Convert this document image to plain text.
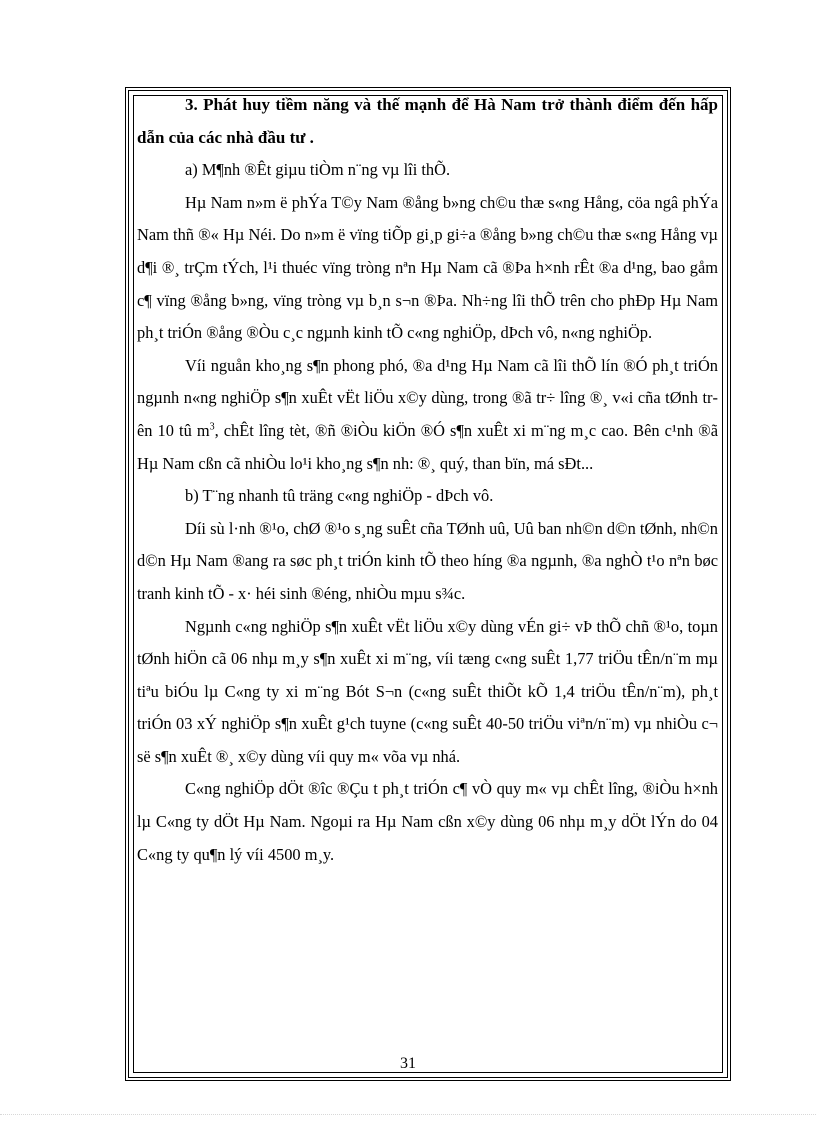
3. Phát huy tiềm năng và thế mạnh để Hà Nam trở thành điểm đến hấp dẫn của các nhà đầu tư .

a) M¶nh ®Êt giµu tiÒm n¨ng vµ lîi thÕ.

Hµ Nam n»m ë phÝa T©y Nam ®ång b»ng ch©u thæ s«ng Hång, cöa ngâ phÝa Nam thñ ®« Hµ Néi. Do n»m ë vïng tiÕp gi¸p gi÷a ®ång b»ng ch©u thæ s«ng Hång vµ d¶i ®¸ trÇm tÝch, l¹i thuéc vïng tròng nªn Hµ Nam cã ®Þa h×nh rÊt ®a d¹ng, bao gåm c¶ vïng ®ång b»ng, vïng tròng vµ b¸n s¬n ®Þa. Nh÷ng lîi thÕ trên cho phÐp Hµ Nam ph¸t triÓn ®ång ®Òu c¸c ngµnh kinh tÕ c«ng nghiÖp, dÞch vô, n«ng nghiÖp.

Víi nguån kho¸ng s¶n phong phó, ®a d¹ng Hµ Nam cã lîi thÕ lín ®Ó ph¸t triÓn ngµnh n«ng nghiÖp s¶n xuÊt vËt liÖu x©y dùng, trong ®ã tr÷ lîng ®¸ v«i cña tØnh trên 10 tû $m^3$, chÊt lîng tèt, ®ñ ®iÒu kiÖn ®Ó s¶n xuÊt xi m¨ng m¸c cao. Bên c¹nh ®ã Hµ Nam cßn cã nhiÒu lo¹i kho¸ng s¶n nh: ®¸ quý, than bïn, má sÐt...

b) T¨ng nhanh tû träng c«ng nghiÖp - dÞch vô.

Díi sù l·nh ®¹o, chØ ®¹o s¸ng suÊt cña TØnh uû, Uû ban nh©n d©n tØnh, nh©n d©n Hµ Nam ®ang ra søc ph¸t triÓn kinh tÕ theo híng ®a ngµnh, ®a nghÒ t¹o nªn bøc tranh kinh tÕ - x· héi sinh ®éng, nhiÒu mµu s¾c.

Ngµnh c«ng nghiÖp s¶n xuÊt vËt liÖu x©y dùng vÉn gi÷ vÞ thÕ chñ ®¹o, toµn tØnh hiÖn cã 06 nhµ m¸y s¶n xuÊt xi m¨ng, víi tæng c«ng suÊt 1,77 triÖu tÊn/n¨m mµ tiªu biÓu lµ C«ng ty xi m¨ng Bót S¬n (c«ng suÊt thiÕt kÕ 1,4 triÖu tÊn/n¨m), ph¸t triÓn 03 xÝ nghiÖp s¶n xuÊt g¹ch tuyne (c«ng suÊt 40-50 triÖu viªn/n¨m) vµ nhiÒu c¬ së s¶n xuÊt ®¸ x©y dùng víi quy m« võa vµ nhá.

C«ng nghiÖp dÖt ®îc ®Çu t ph¸t triÓn c¶ vÒ quy m« vµ chÊt lîng, ®iÒu h×nh lµ C«ng ty dÖt Hµ Nam. Ngoµi ra Hµ Nam cßn x©y dùng 06 nhµ m¸y dÖt lÝn do 04 C«ng ty qu¶n lý víi 4500 m¸y.

31
